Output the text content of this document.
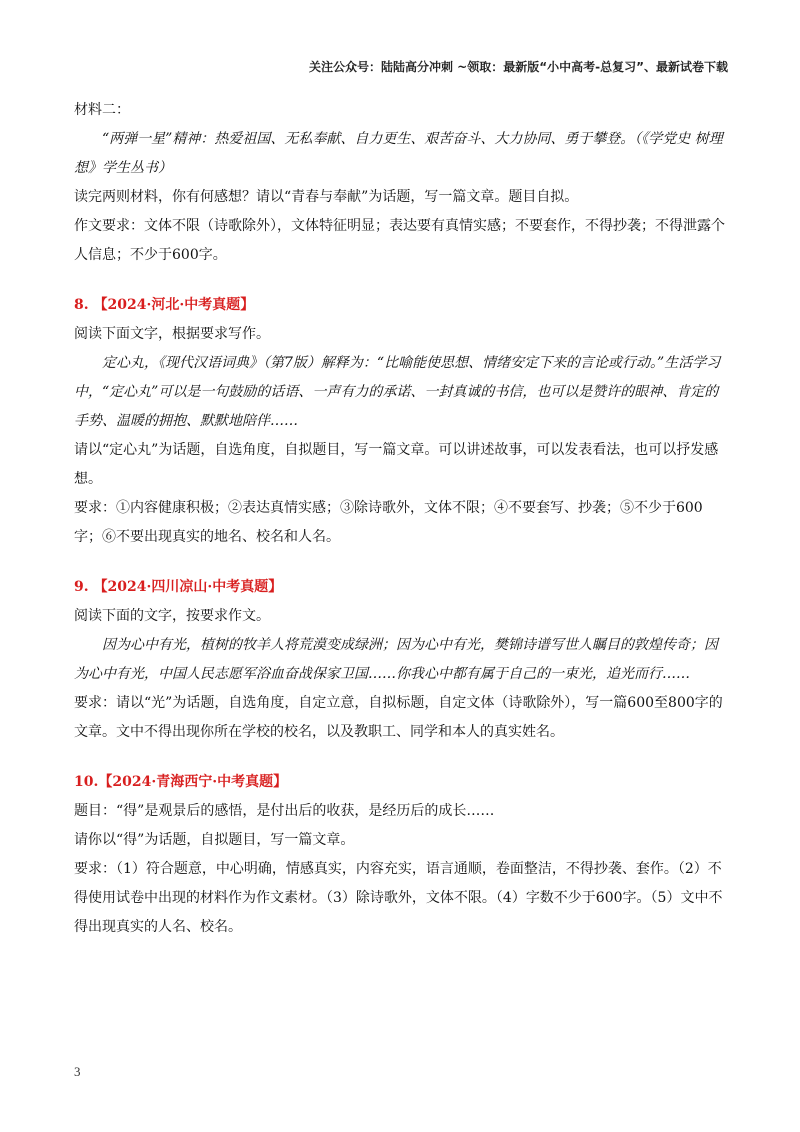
关注公众号：陆陆高分冲刺 ~领取：最新版“小中高考-总复习”、最新试卷下载

材料二：

“两弹一星”精神：热爱祖国、无私奉献、自力更生、艰苦奋斗、大力协同、勇于攀登。（《学党史 树理想》学生丛书）

读完两则材料，你有何感想？请以“青春与奉献”为话题，写一篇文章。题目自拟。

作文要求：文体不限（诗歌除外），文体特征明显；表达要有真情实感；不要套作，不得抄袭；不得泄露个人信息；不少于600字。

8. 【2024·河北·中考真题】

阅读下面文字，根据要求写作。

定心丸，《现代汉语词典》（第7版）解释为：“比喻能使思想、情绪安定下来的言论或行动。”生活学习中，“定心丸”可以是一句鼓励的话语、一声有力的承诺、一封真诚的书信，也可以是赞许的眼神、肯定的手势、温暖的拥抱、默默地陪伴……

请以“定心丸”为话题，自选角度，自拟题目，写一篇文章。可以讲述故事，可以发表看法，也可以抒发感想。

要求：①内容健康积极；②表达真情实感；③除诗歌外，文体不限；④不要套写、抄袭；⑤不少于600字；⑥不要出现真实的地名、校名和人名。

9. 【2024·四川凉山·中考真题】

阅读下面的文字，按要求作文。

因为心中有光，植树的牧羊人将荒漠变成绿洲；因为心中有光，樊锦诗谱写世人瞩目的敦煌传奇；因为心中有光，中国人民志愿军浴血奋战保家卫国……你我心中都有属于自己的一束光，追光而行……

要求：请以“光”为话题，自选角度，自定立意，自拟标题，自定文体（诗歌除外），写一篇600至800字的文章。文中不得出现你所在学校的校名，以及教职工、同学和本人的真实姓名。

10.【2024·青海西宁·中考真题】

题目：“得”是观景后的感悟，是付出后的收获，是经历后的成长……

请你以“得”为话题，自拟题目，写一篇文章。

要求：（1）符合题意，中心明确，情感真实，内容充实，语言通顺，卷面整洁，不得抄袭、套作。（2）不得使用试卷中出现的材料作为作文素材。（3）除诗歌外，文体不限。（4）字数不少于600字。（5）文中不得出现真实的人名、校名。

3
